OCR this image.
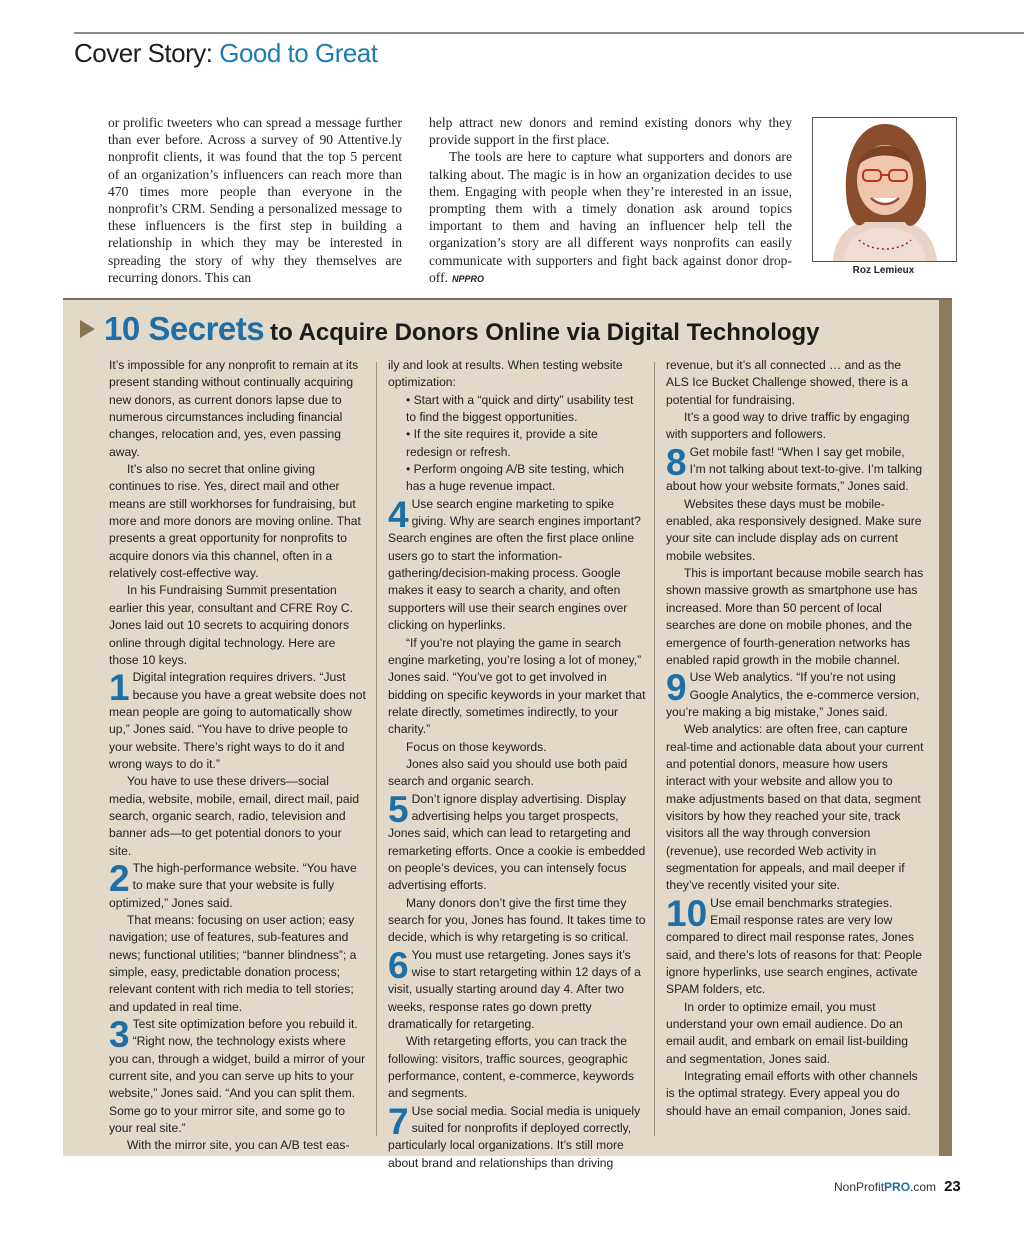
Cover Story: Good to Great

or prolific tweeters who can spread a message further than ever before. Across a survey of 90 Attentive.ly nonprofit clients, it was found that the top 5 percent of an organization’s influencers can reach more than 470 times more people than everyone in the nonprofit’s CRM. Sending a personalized message to these influencers is the first step in building a relationship in which they may be interested in spreading the story of why they themselves are recurring donors. This can

help attract new donors and remind existing donors why they provide support in the first place.

The tools are here to capture what supporters and donors are talking about. The magic is in how an organization decides to use them. Engaging with people when they’re interested in an issue, prompting them with a timely donation ask around topics important to them and having an influencer help tell the organization’s story are all different ways nonprofits can easily communicate with supporters and fight back against donor drop-off. NPPRO

Roz Lemieux
10 Secrets to Acquire Donors Online via Digital Technology

It’s impossible for any nonprofit to remain at its present standing without continually acquiring new donors, as current donors lapse due to numerous circumstances including financial changes, relocation and, yes, even passing away.

It’s also no secret that online giving continues to rise. Yes, direct mail and other means are still workhorses for fundraising, but more and more donors are moving online. That presents a great opportunity for nonprofits to acquire donors via this channel, often in a relatively cost-effective way.

In his Fundraising Summit presentation earlier this year, consultant and CFRE Roy C. Jones laid out 10 secrets to acquiring donors online through digital technology. Here are those 10 keys.

1 Digital integration requires drivers. “Just because you have a great website does not mean people are going to automatically show up,” Jones said. “You have to drive people to your website. There’s right ways to do it and wrong ways to do it.”

You have to use these drivers—social media, website, mobile, email, direct mail, paid search, organic search, radio, television and banner ads—to get potential donors to your site.

2 The high-performance website. “You have to make sure that your website is fully optimized,” Jones said.

That means: focusing on user action; easy navigation; use of features, sub-features and news; functional utilities; “banner blindness”; a simple, easy, predictable donation process; relevant content with rich media to tell stories; and updated in real time.

3 Test site optimization before you rebuild it. “Right now, the technology exists where you can, through a widget, build a mirror of your current site, and you can serve up hits to your website,” Jones said. “And you can split them. Some go to your mirror site, and some go to your real site.”

With the mirror site, you can A/B test eas-

ily and look at results. When testing website optimization:

• Start with a “quick and dirty” usability test to find the biggest opportunities.

• If the site requires it, provide a site redesign or refresh.

• Perform ongoing A/B site testing, which has a huge revenue impact.

4 Use search engine marketing to spike giving. Why are search engines important? Search engines are often the first place online users go to start the information-gathering/decision-making process. Google makes it easy to search a charity, and often supporters will use their search engines over clicking on hyperlinks.

“If you’re not playing the game in search engine marketing, you’re losing a lot of money,” Jones said. “You’ve got to get involved in bidding on specific keywords in your market that relate directly, sometimes indirectly, to your charity.”

Focus on those keywords.

Jones also said you should use both paid search and organic search.

5 Don’t ignore display advertising. Display advertising helps you target prospects, Jones said, which can lead to retargeting and remarketing efforts. Once a cookie is embedded on people’s devices, you can intensely focus advertising efforts.

Many donors don’t give the first time they search for you, Jones has found. It takes time to decide, which is why retargeting is so critical.

6 You must use retargeting. Jones says it’s wise to start retargeting within 12 days of a visit, usually starting around day 4. After two weeks, response rates go down pretty dramatically for retargeting.

With retargeting efforts, you can track the following: visitors, traffic sources, geographic performance, content, e-commerce, keywords and segments.

7 Use social media. Social media is uniquely suited for nonprofits if deployed correctly, particularly local organizations. It’s still more about brand and relationships than driving

revenue, but it’s all connected … and as the ALS Ice Bucket Challenge showed, there is a potential for fundraising.

It’s a good way to drive traffic by engaging with supporters and followers.

8 Get mobile fast! “When I say get mobile, I’m not talking about text-to-give. I’m talking about how your website formats,” Jones said.

Websites these days must be mobile-enabled, aka responsively designed. Make sure your site can include display ads on current mobile websites.

This is important because mobile search has shown massive growth as smartphone use has increased. More than 50 percent of local searches are done on mobile phones, and the emergence of fourth-generation networks has enabled rapid growth in the mobile channel.

9 Use Web analytics. “If you’re not using Google Analytics, the e-commerce version, you’re making a big mistake,” Jones said.

Web analytics: are often free, can capture real-time and actionable data about your current and potential donors, measure how users interact with your website and allow you to make adjustments based on that data, segment visitors by how they reached your site, track visitors all the way through conversion (revenue), use recorded Web activity in segmentation for appeals, and mail deeper if they’ve recently visited your site.

10 Use email benchmarks strategies. Email response rates are very low compared to direct mail response rates, Jones said, and there’s lots of reasons for that: People ignore hyperlinks, use search engines, activate SPAM folders, etc.

In order to optimize email, you must understand your own email audience. Do an email audit, and embark on email list-building and segmentation, Jones said.

Integrating email efforts with other channels is the optimal strategy. Every appeal you do should have an email companion, Jones said.

NonProfitPRO.com 23
